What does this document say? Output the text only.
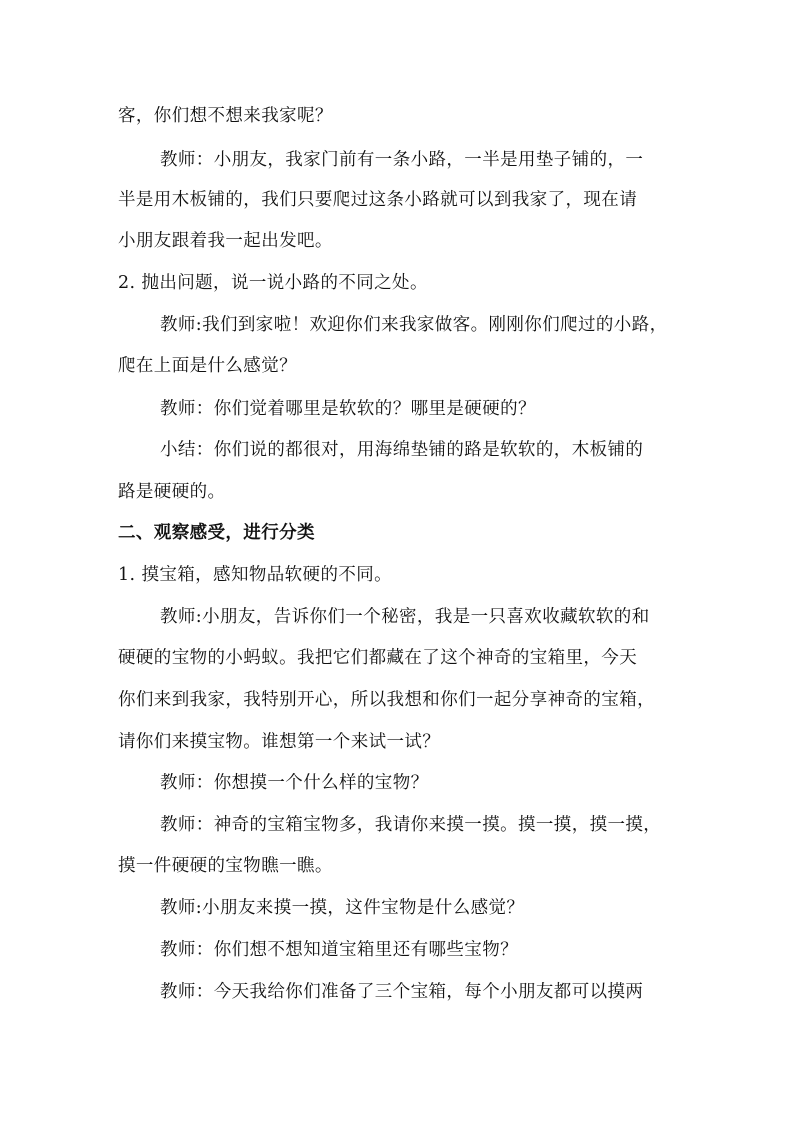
客，你们想不想来我家呢？
教师：小朋友，我家门前有一条小路，一半是用垫子铺的，一
半是用木板铺的，我们只要爬过这条小路就可以到我家了，现在请
小朋友跟着我一起出发吧。
2. 抛出问题，说一说小路的不同之处。
教师:我们到家啦！欢迎你们来我家做客。刚刚你们爬过的小路，
爬在上面是什么感觉？
教师：你们觉着哪里是软软的？哪里是硬硬的？
小结：你们说的都很对，用海绵垫铺的路是软软的，木板铺的
路是硬硬的。
二、观察感受，进行分类
1. 摸宝箱，感知物品软硬的不同。
教师:小朋友，告诉你们一个秘密，我是一只喜欢收藏软软的和
硬硬的宝物的小蚂蚁。我把它们都藏在了这个神奇的宝箱里，今天
你们来到我家，我特别开心，所以我想和你们一起分享神奇的宝箱，
请你们来摸宝物。谁想第一个来试一试？
教师：你想摸一个什么样的宝物？
教师：神奇的宝箱宝物多，我请你来摸一摸。摸一摸，摸一摸，
摸一件硬硬的宝物瞧一瞧。
教师:小朋友来摸一摸，这件宝物是什么感觉？
教师：你们想不想知道宝箱里还有哪些宝物？
教师：今天我给你们准备了三个宝箱，每个小朋友都可以摸两
